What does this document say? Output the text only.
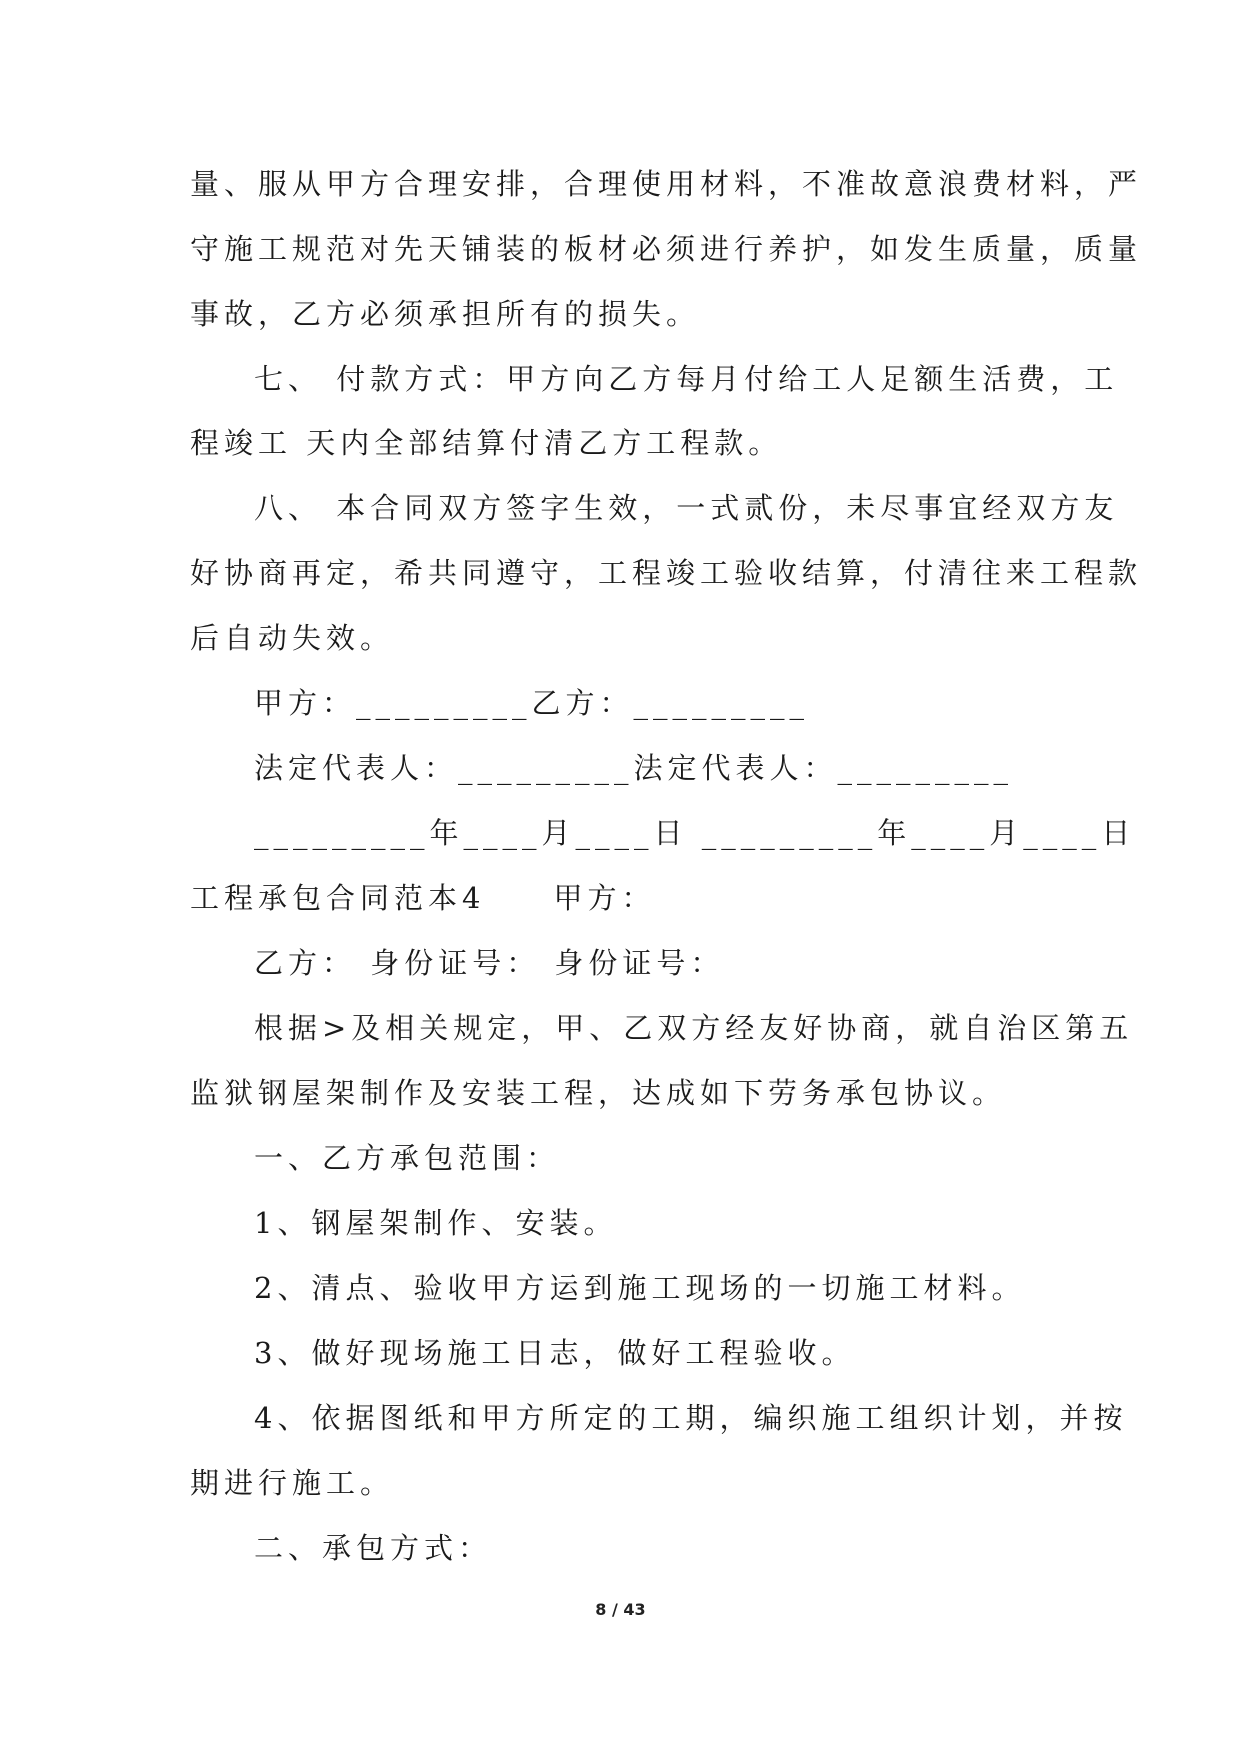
量、服从甲方合理安排，合理使用材料，不准故意浪费材料，严
守施工规范对先天铺装的板材必须进行养护，如发生质量，质量
事故，乙方必须承担所有的损失。
七、 付款方式：甲方向乙方每月付给工人足额生活费，工
程竣工 天内全部结算付清乙方工程款。
八、 本合同双方签字生效，一式贰份，未尽事宜经双方友
好协商再定，希共同遵守，工程竣工验收结算，付清往来工程款
后自动失效。
甲方：_________乙方：_________
法定代表人：_________法定代表人：_________
_________年____月____日 _________年____月____日
工程承包合同范本4　　甲方：
乙方： 身份证号： 身份证号：
根据>及相关规定，甲、乙双方经友好协商，就自治区第五
监狱钢屋架制作及安装工程，达成如下劳务承包协议。
一、乙方承包范围：
1、钢屋架制作、安装。
2、清点、验收甲方运到施工现场的一切施工材料。
3、做好现场施工日志，做好工程验收。
4、依据图纸和甲方所定的工期，编织施工组织计划，并按
期进行施工。
二、承包方式：
8 / 43
